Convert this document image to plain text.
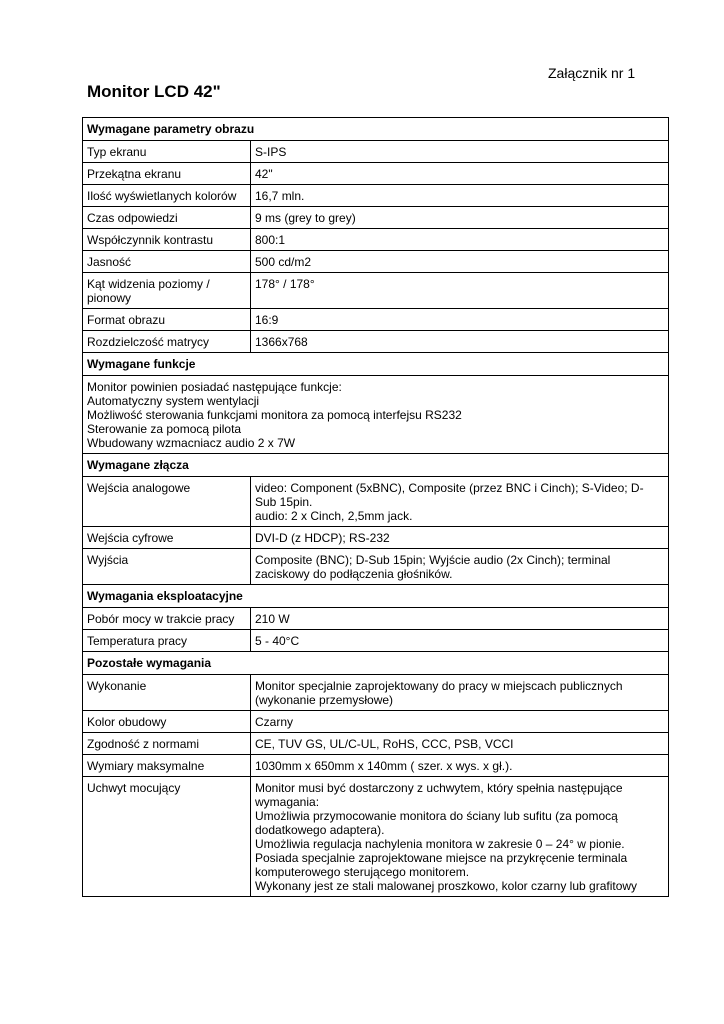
Załącznik nr 1
Monitor LCD 42"
Wymagane parametry obrazu	
Typ ekranu	S-IPS
Przekątna ekranu	42"
Ilość wyświetlanych kolorów	16,7 mln.
Czas odpowiedzi	9 ms (grey to grey)
Współczynnik kontrastu	800:1
Jasność	500 cd/m2
Kąt widzenia poziomy / pionowy	178° / 178°
Format obrazu	16:9
Rozdzielczość matrycy	1366x768
Wymagane funkcje	

Monitor powinien posiadać następujące funkcje:
Automatyczny system wentylacji
Możliwość sterowania funkcjami monitora za pomocą interfejsu RS232
Sterowanie za pomocą pilota
Wbudowany wzmacniacz audio 2 x 7W	

Wymagane złącza	
Wejścia analogowe	video: Component (5xBNC), Composite (przez BNC i Cinch); S-Video; D-Sub 15pin.
audio: 2 x Cinch, 2,5mm jack.

Wejścia cyfrowe	DVI-D (z HDCP); RS-232

Wyjścia	Composite (BNC); D-Sub 15pin; Wyjście audio (2x Cinch); terminal zaciskowy do podłączenia głośników.

Wymagania eksploatacyjne	
Pobór mocy w trakcie pracy	210 W
Temperatura pracy	5 - 40°C
Pozostałe wymagania	
Wykonanie	Monitor specjalnie zaprojektowany do pracy w miejscach publicznych (wykonanie przemysłowe)

Kolor obudowy	Czarny

Zgodność z normami	CE, TUV GS, UL/C-UL, RoHS, CCC, PSB, VCCI

Wymiary maksymalne	1030mm x 650mm x 140mm ( szer. x wys. x gł.).

Uchwyt mocujący	Monitor musi być dostarczony z uchwytem, który spełnia następujące wymagania:
Umożliwia przymocowanie monitora do ściany lub sufitu (za pomocą dodatkowego adaptera).
Umożliwia regulacja nachylenia monitora w zakresie 0 – 24° w pionie.
Posiada specjalnie zaprojektowane miejsce na przykręcenie terminala komputerowego sterującego monitorem.
Wykonany jest ze stali malowanej proszkowo, kolor czarny lub grafitowy
